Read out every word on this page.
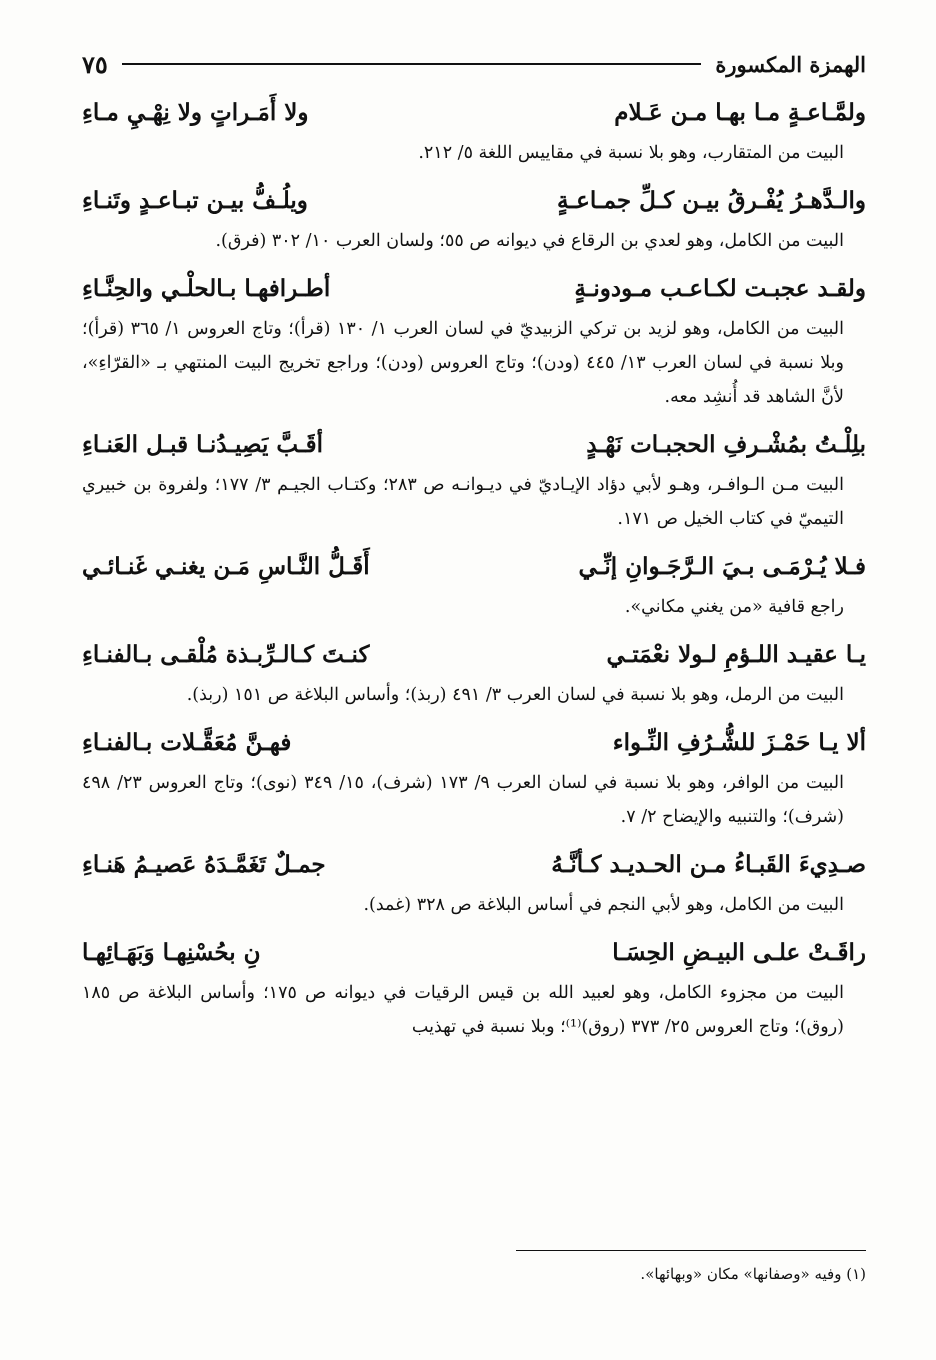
الهمزة المكسورة
٧٥
ولمَّـاعـةٍ مـا بهـا مـن عَـلام
ولا أَمَـراتٍ ولا نِهْـيِ مـاءِ

البيت من المتقارب، وهو بلا نسبة في مقاييس اللغة ٥/ ٢١٢.

والـدَّهـرُ يُفْـرقُ بيـن كـلِّ جمـاعـةٍ
ويلُـفُّ بيـن تبـاعـدٍ وتَنـاءِ

البيت من الكامل، وهو لعدي بن الرقاع في ديوانه ص ٥٥؛ ولسان العرب ١٠/ ٣٠٢ (فرق).

ولقـد عجبـت لكـاعـب مـودونـةٍ
أطـرافهـا بـالحلْـي والحِنَّـاءِ

البيت من الكامل، وهو لزيد بن تركي الزبيديّ في لسان العرب ١/ ١٣٠ (قرأ)؛ وتاج العروس ١/ ٣٦٥ (قرأ)؛ وبلا نسبة في لسان العرب ١٣/ ٤٤٥ (ودن)؛ وتاج العروس (ودن)؛ وراجع تخريج البيت المنتهي بـ «القرّاءِ»، لأنَّ الشاهد قد أُنشِد معه.

بلِلْـتُ بمُشْـرفِ الحجبـات نَهْـدٍ
أقَـبَّ يَصِيـدُنـا قبـل العَنـاءِ

البيت مـن الـوافـر، وهـو لأبي دؤاد الإيـاديّ في ديـوانـه ص ٢٨٣؛ وكتـاب الجيـم ٣/ ١٧٧؛ ولفروة بن خبيري التيميّ في كتاب الخيل ص ١٧١.

فـلا يُـرْمَـى بـيَ الـرَّجَـوانِ إنِّـي
أَقَـلُّ النَّـاسِ مَـن يغنـي غَنـائـي

راجع قافية «من يغني مكاني».

يـا عقيـد اللـؤمِ لـولا نعْمَتـي
كنـتَ كـالـرِّبـذة مُلْقـى بـالفنـاءِ

البيت من الرمل، وهو بلا نسبة في لسان العرب ٣/ ٤٩١ (ربذ)؛ وأساس البلاغة ص ١٥١ (ربذ).

ألا يـا حَمْـزَ للشُّـرُفِ النِّـواء
فهـنَّ مُعَقَّـلات بـالفنـاءِ

البيت من الوافر، وهو بلا نسبة في لسان العرب ٩/ ١٧٣ (شرف)، ١٥/ ٣٤٩ (نوى)؛ وتاج العروس ٢٣/ ٤٩٨ (شرف)؛ والتنبيه والإيضاح ٢/ ٧.

صـدِيءَ القَبـاءُ مـن الحـديـد كـأنَّـهُ
جمـلٌ تَغَمَّـدَهُ عَصيـمُ هَنـاءِ

البيت من الكامل، وهو لأبي النجم في أساس البلاغة ص ٣٢٨ (غمد).

راقَـتْ علـى البيـضِ الحِسَـا
نِ بحُسْنِهـا وَبَهَـائِهـا

البيت من مجزوء الكامل، وهو لعبيد الله بن قيس الرقيات في ديوانه ص ١٧٥؛ وأساس البلاغة ص ١٨٥ (روق)؛ وتاج العروس ٢٥/ ٣٧٣ (روق)⁽¹⁾؛ وبلا نسبة في تهذيب

(١) وفيه «وصفانها» مكان «وبهائها».
